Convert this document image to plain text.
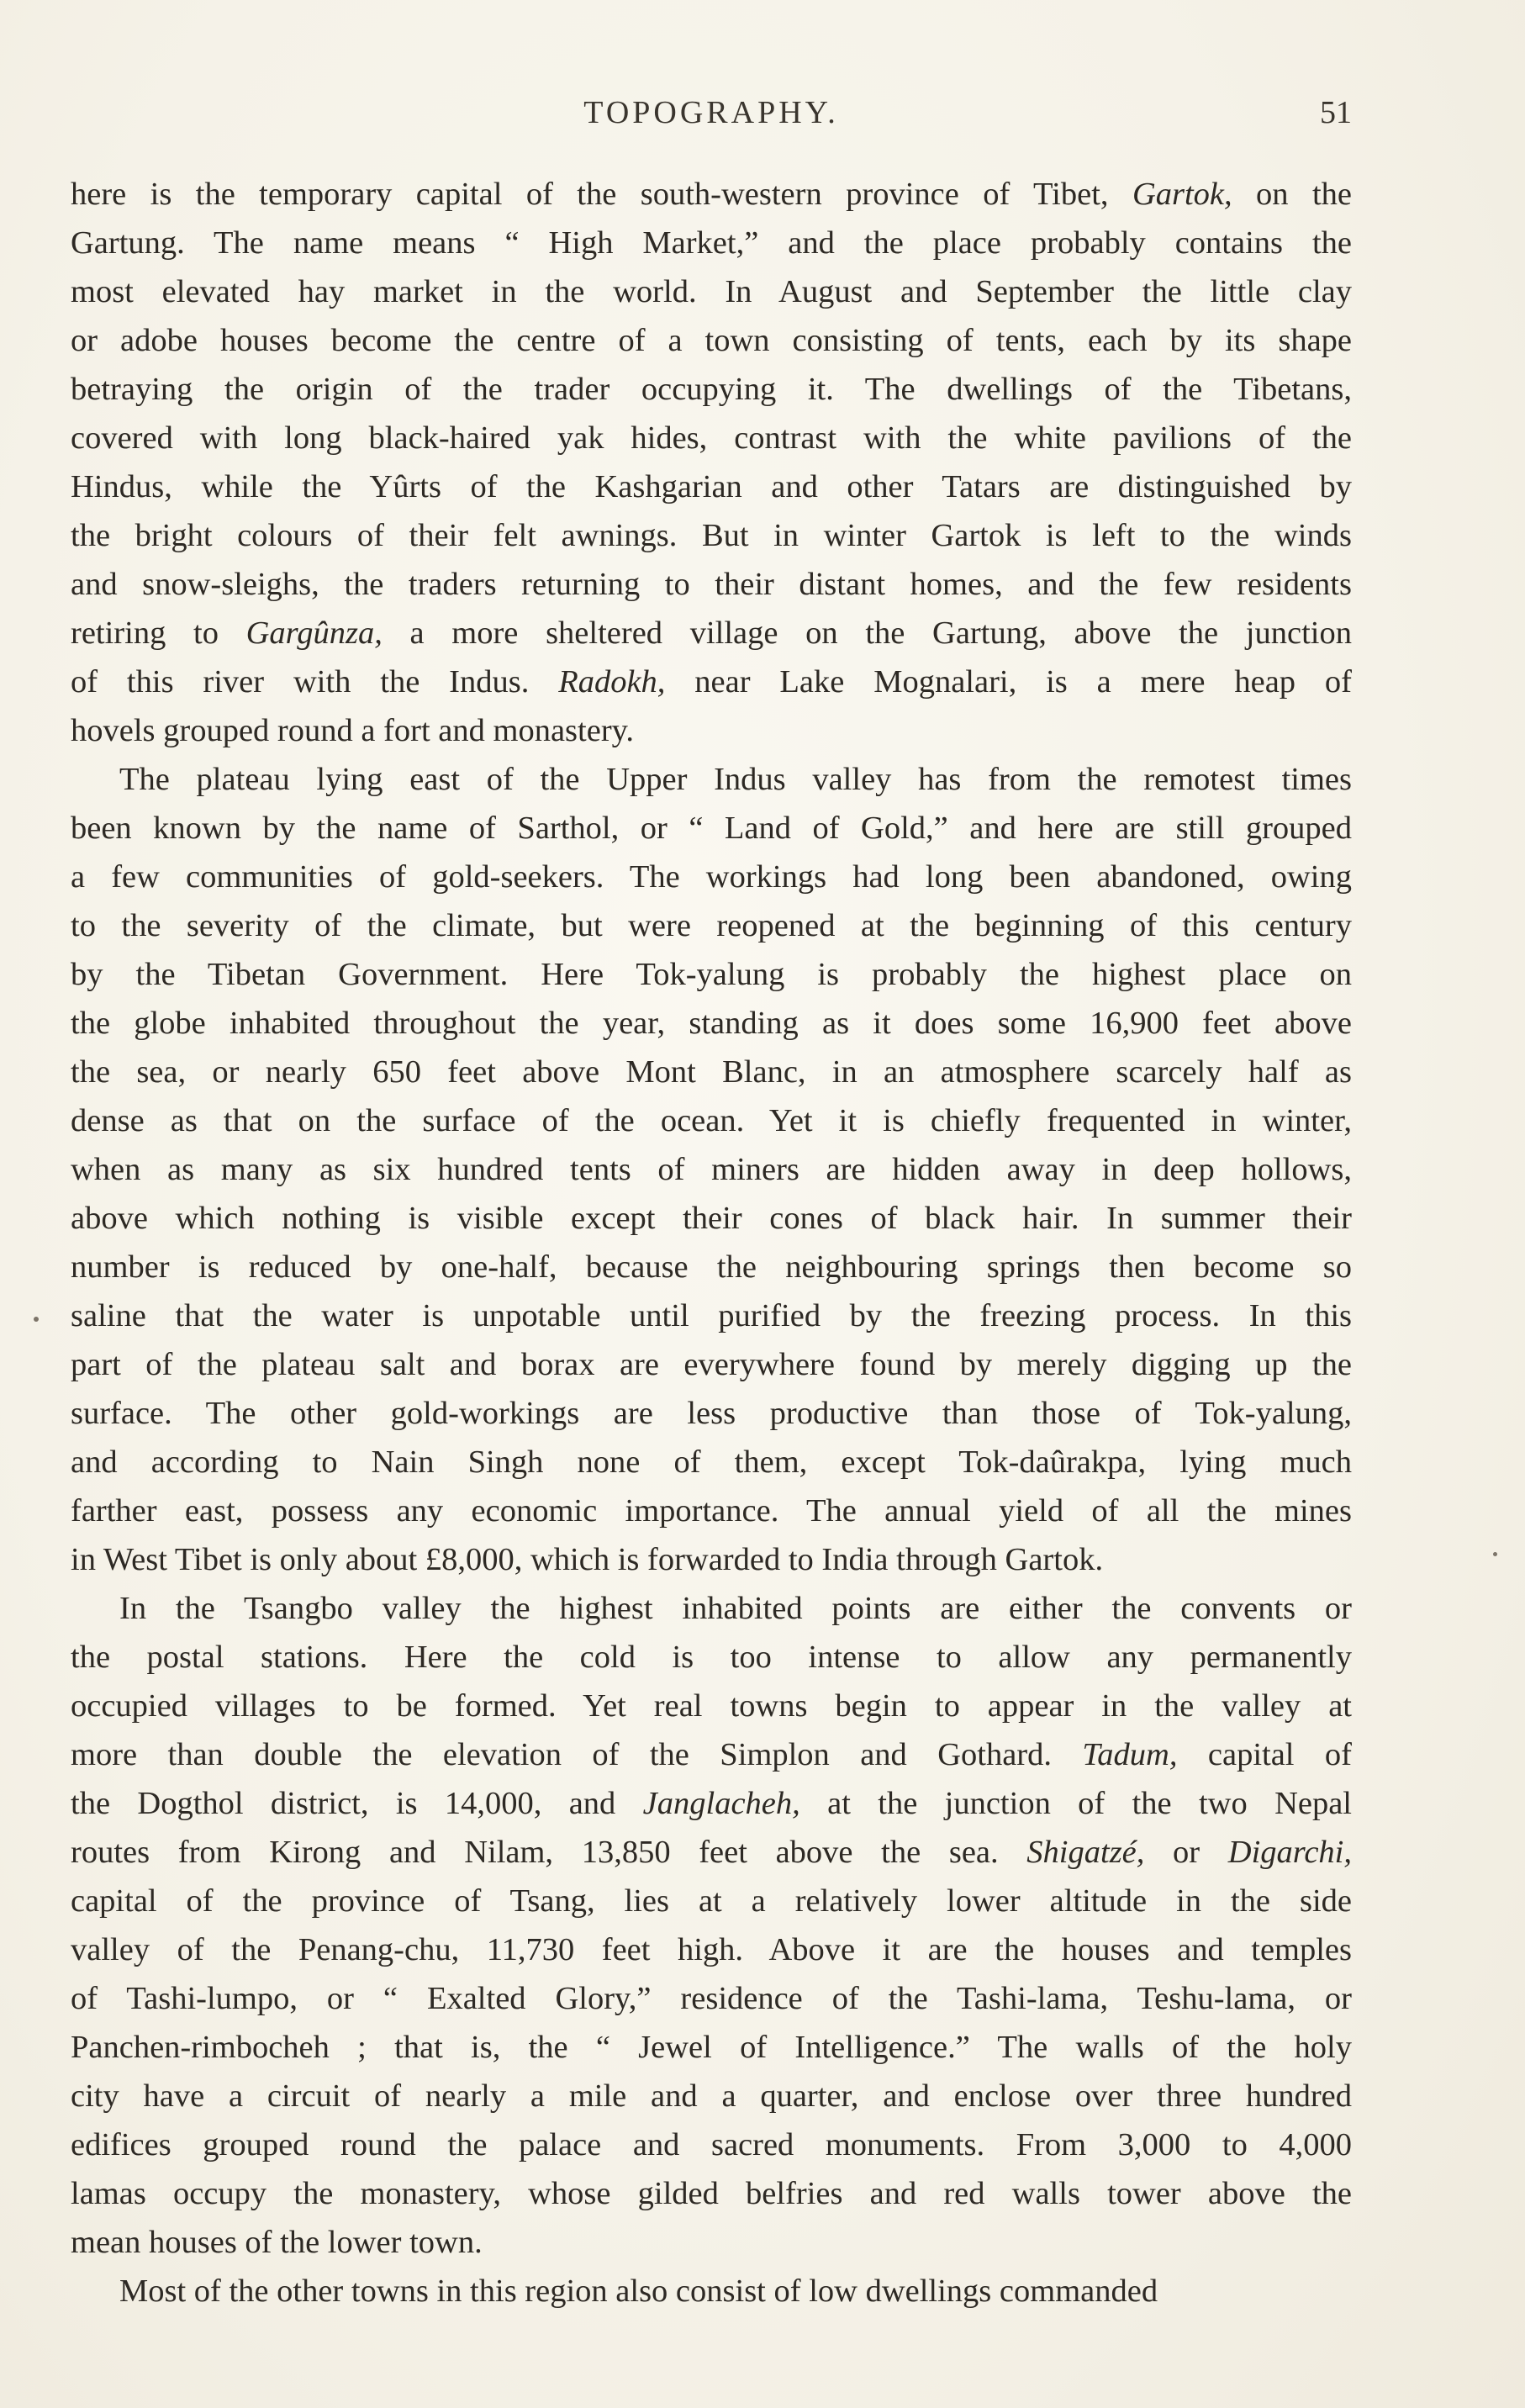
TOPOGRAPHY.	51
here is the temporary capital of the south-western province of Tibet, Gartok, on the
Gartung. The name means “ High Market,” and the place probably contains the
most elevated hay market in the world. In August and September the little clay
or adobe houses become the centre of a town consisting of tents, each by its shape
betraying the origin of the trader occupying it. The dwellings of the Tibetans,
covered with long black-haired yak hides, contrast with the white pavilions of the
Hindus, while the Yûrts of the Kashgarian and other Tatars are distinguished by
the bright colours of their felt awnings. But in winter Gartok is left to the winds
and snow-sleighs, the traders returning to their distant homes, and the few residents
retiring to Gargûnza, a more sheltered village on the Gartung, above the junction
of this river with the Indus. Radokh, near Lake Mognalari, is a mere heap of
hovels grouped round a fort and monastery.
The plateau lying east of the Upper Indus valley has from the remotest times
been known by the name of Sarthol, or “ Land of Gold,” and here are still grouped
a few communities of gold-seekers. The workings had long been abandoned, owing
to the severity of the climate, but were reopened at the beginning of this century
by the Tibetan Government. Here Tok-yalung is probably the highest place on
the globe inhabited throughout the year, standing as it does some 16,900 feet above
the sea, or nearly 650 feet above Mont Blanc, in an atmosphere scarcely half as
dense as that on the surface of the ocean. Yet it is chiefly frequented in winter,
when as many as six hundred tents of miners are hidden away in deep hollows,
above which nothing is visible except their cones of black hair. In summer their
number is reduced by one-half, because the neighbouring springs then become so
saline that the water is unpotable until purified by the freezing process. In this
part of the plateau salt and borax are everywhere found by merely digging up the
surface. The other gold-workings are less productive than those of Tok-yalung,
and according to Nain Singh none of them, except Tok-daûrakpa, lying much
farther east, possess any economic importance. The annual yield of all the mines
in West Tibet is only about £8,000, which is forwarded to India through Gartok.
In the Tsangbo valley the highest inhabited points are either the convents or
the postal stations. Here the cold is too intense to allow any permanently
occupied villages to be formed. Yet real towns begin to appear in the valley at
more than double the elevation of the Simplon and Gothard. Tadum, capital of
the Dogthol district, is 14,000, and Janglacheh, at the junction of the two Nepal
routes from Kirong and Nilam, 13,850 feet above the sea. Shigatzé, or Digarchi,
capital of the province of Tsang, lies at a relatively lower altitude in the side
valley of the Penang-chu, 11,730 feet high. Above it are the houses and temples
of Tashi-lumpo, or “ Exalted Glory,” residence of the Tashi-lama, Teshu-lama, or
Panchen-rimbocheh ; that is, the “ Jewel of Intelligence.” The walls of the holy
city have a circuit of nearly a mile and a quarter, and enclose over three hundred
edifices grouped round the palace and sacred monuments. From 3,000 to 4,000
lamas occupy the monastery, whose gilded belfries and red walls tower above the
mean houses of the lower town.
Most of the other towns in this region also consist of low dwellings commanded
